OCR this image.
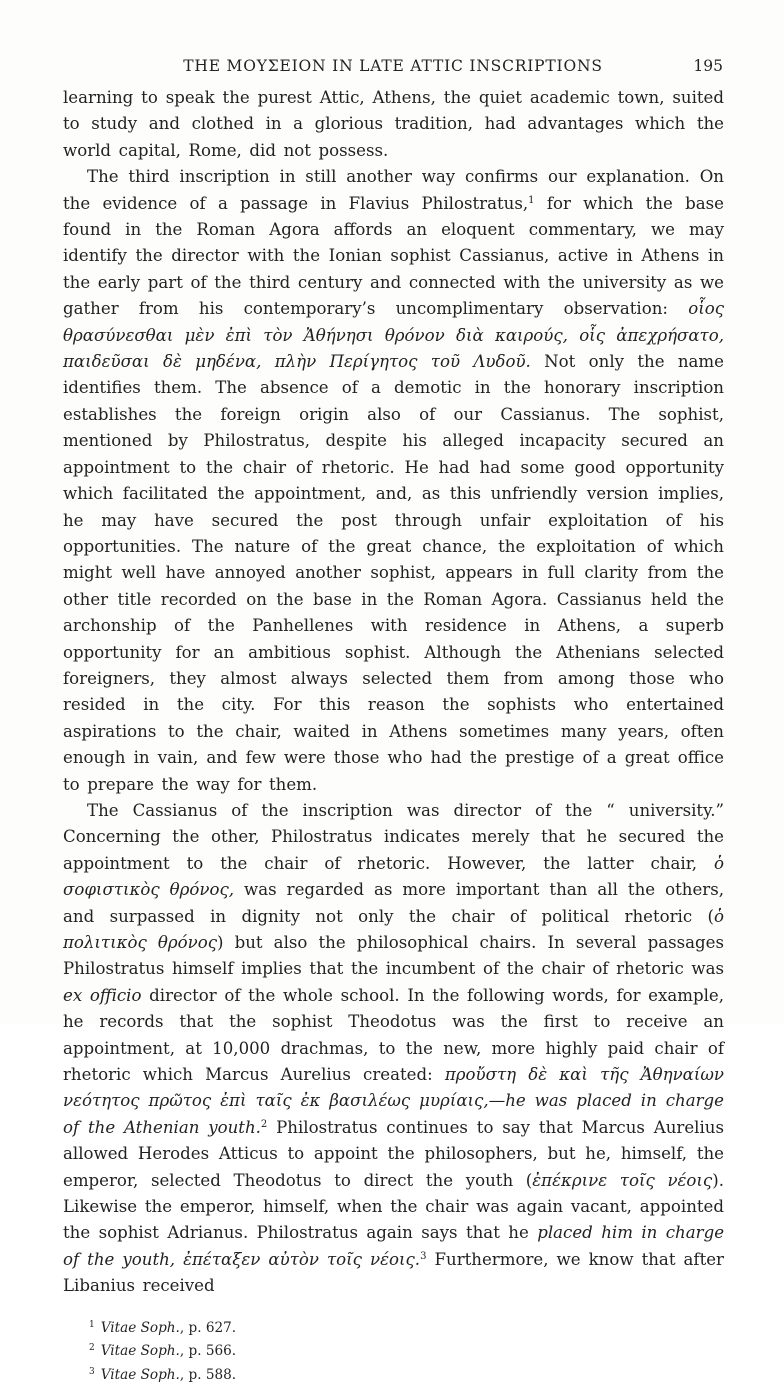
THE ΜΟΥΣΕΙΟΝ IN LATE ATTIC INSCRIPTIONS	195

learning to speak the purest Attic, Athens, the quiet academic town, suited to study and clothed in a glorious tradition, had advantages which the world capital, Rome, did not possess.

The third inscription in still another way confirms our explanation. On the evidence of a passage in Flavius Philostratus,$^1$ for which the base found in the Roman Agora affords an eloquent commentary, we may identify the director with the Ionian sophist Cassianus, active in Athens in the early part of the third century and connected with the university as we gather from his contemporary’s uncomplimentary observation: οἷος θρασύνεσθαι μὲν ἐπὶ τὸν Ἀθήνησι θρόνον διὰ καιρούς, οἷς ἀπεχρήσατο, παιδεῦσαι δὲ μηδένα, πλὴν Περίγητος τοῦ Λυδοῦ. Not only the name identifies them. The absence of a demotic in the honorary inscription establishes the foreign origin also of our Cassianus. The sophist, mentioned by Philostratus, despite his alleged incapacity secured an appointment to the chair of rhetoric. He had had some good opportunity which facilitated the appointment, and, as this unfriendly version implies, he may have secured the post through unfair exploitation of his opportunities. The nature of the great chance, the exploitation of which might well have annoyed another sophist, appears in full clarity from the other title recorded on the base in the Roman Agora. Cassianus held the archonship of the Panhellenes with residence in Athens, a superb opportunity for an ambitious sophist. Although the Athenians selected foreigners, they almost always selected them from among those who resided in the city. For this reason the sophists who entertained aspirations to the chair, waited in Athens sometimes many years, often enough in vain, and few were those who had the prestige of a great office to prepare the way for them.

The Cassianus of the inscription was director of the “ university.” Concerning the other, Philostratus indicates merely that he secured the appointment to the chair of rhetoric. However, the latter chair, ὁ σοφιστικὸς θρόνος, was regarded as more important than all the others, and surpassed in dignity not only the chair of political rhetoric (ὁ πολιτικὸς θρόνος) but also the philosophical chairs. In several passages Philostratus himself implies that the incumbent of the chair of rhetoric was ex officio director of the whole school. In the following words, for example, he records that the sophist Theodotus was the first to receive an appointment, at 10,000 drachmas, to the new, more highly paid chair of rhetoric which Marcus Aurelius created: προὔστη δὲ καὶ τῆς Ἀθηναίων νεότητος πρῶτος ἐπὶ ταῖς ἐκ βασιλέως μυρίαις,—he was placed in charge of the Athenian youth.$^2$ Philostratus continues to say that Marcus Aurelius allowed Herodes Atticus to appoint the philosophers, but he, himself, the emperor, selected Theodotus to direct the youth (ἐπέκρινε τοῖς νέοις). Likewise the emperor, himself, when the chair was again vacant, appointed the sophist Adrianus. Philostratus again says that he placed him in charge of the youth, ἐπέταξεν αὐτὸν τοῖς νέοις.$^3$ Furthermore, we know that after Libanius received

$^1$ Vitae Soph., p. 627.
$^2$ Vitae Soph., p. 566.
$^3$ Vitae Soph., p. 588.
